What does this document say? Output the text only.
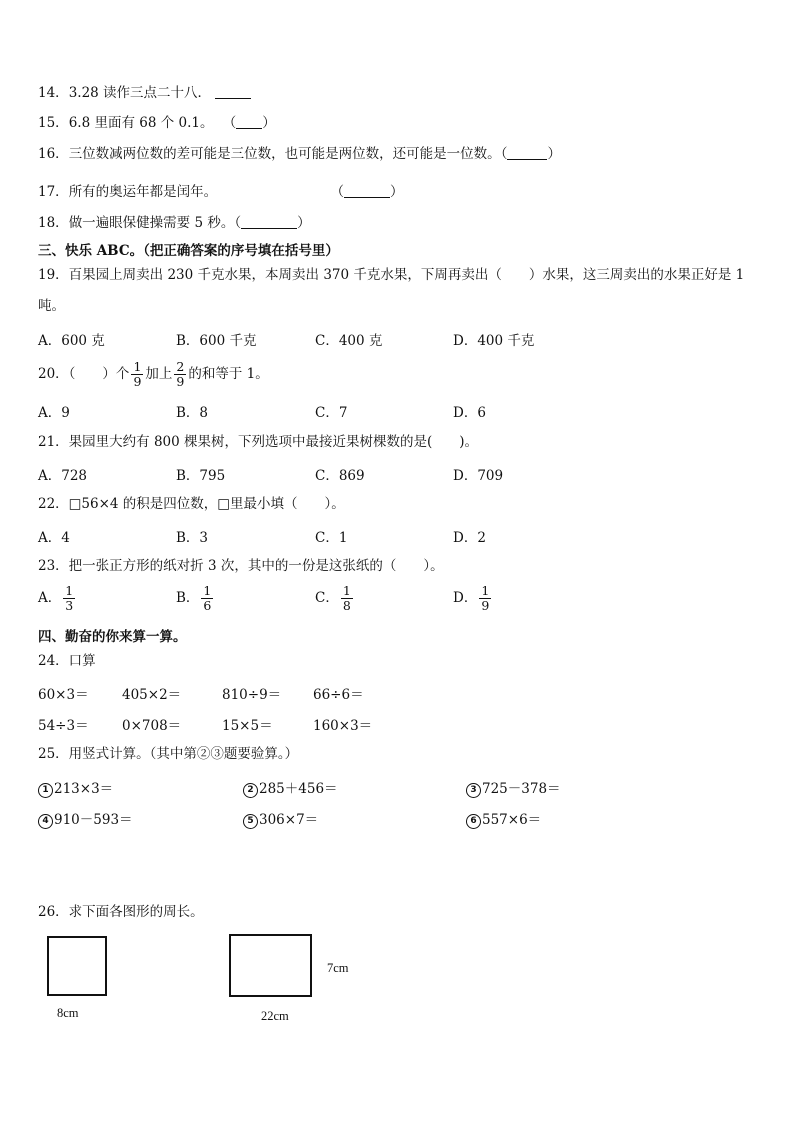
14．3.28 读作三点二十八．
15．6.8 里面有 68 个 0.1。 （ ）
16．三位数减两位数的差可能是三位数，也可能是两位数，还可能是一位数。（	）
17．所有的奥运年都是闰年。	（	）
18．做一遍眼保健操需要 5 秒。（	）
三、快乐 ABC。（把正确答案的序号填在括号里）
19．百果园上周卖出 230 千克水果，本周卖出 370 千克水果，下周再卖出（　　）水果，这三周卖出的水果正好是 1
吨。
A．600 克	B．600 千克	C．400 克	D．400 千克
20．（　　）个 $\frac{1}{9}$ 加上 $\frac{2}{9}$ 的和等于 1。
A．9	B．8	C．7	D．6
21．果园里大约有 800 棵果树，下列选项中最接近果树棵数的是(　　)。
A．728	B．795	C．869	D．709
22．□56×4 的积是四位数，□里最小填（　　）。
A．4	B．3	C．1	D．2
23．把一张正方形的纸对折 3 次，其中的一份是这张纸的（　　）。
A． $\frac{1}{3}$	B． $\frac{1}{6}$	C． $\frac{1}{8}$	D． $\frac{1}{9}$
四、勤奋的你来算一算。
24．口算
60×3＝ 405×2＝	810÷9＝ 66÷6＝
54÷3＝ 0×708＝	15×5＝	160×3＝
25．用竖式计算。（其中第②③题要验算。）
1 213×3＝	2 285＋456＝	3 725－378＝
4 910－593＝	5 306×7＝	6 557×6＝
26．求下面各图形的周长。
8cm
7cm
22cm
